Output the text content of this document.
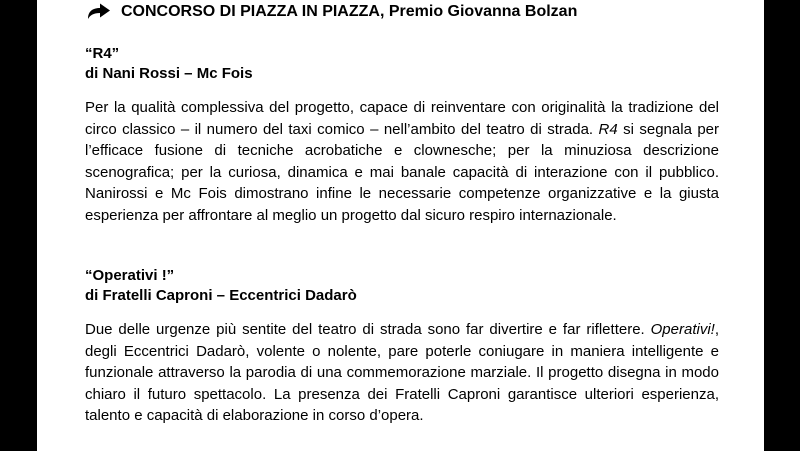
CONCORSO DI PIAZZA IN PIAZZA, Premio Giovanna Bolzan
“R4”
di Nani Rossi – Mc Fois
Per la qualità complessiva del progetto, capace di reinventare con originalità la tradizione del circo classico – il numero del taxi comico – nell’ambito del teatro di strada. R4 si segnala per l’efficace fusione di tecniche acrobatiche e clownesche; per la minuziosa descrizione scenografica; per la curiosa, dinamica e mai banale capacità di interazione con il pubblico. Nanirossi e Mc Fois dimostrano infine le necessarie competenze organizzative e la giusta esperienza per affrontare al meglio un progetto dal sicuro respiro internazionale.
“Operativi !”
di Fratelli Caproni – Eccentrici Dadarò
Due delle urgenze più sentite del teatro di strada sono far divertire e far riflettere. Operativi!, degli Eccentrici Dadarò, volente o nolente, pare poterle coniugare in maniera intelligente e funzionale attraverso la parodia di una commemorazione marziale. Il progetto disegna in modo chiaro il futuro spettacolo. La presenza dei Fratelli Caproni garantisce ulteriori esperienza, talento e capacità di elaborazione in corso d’opera.
